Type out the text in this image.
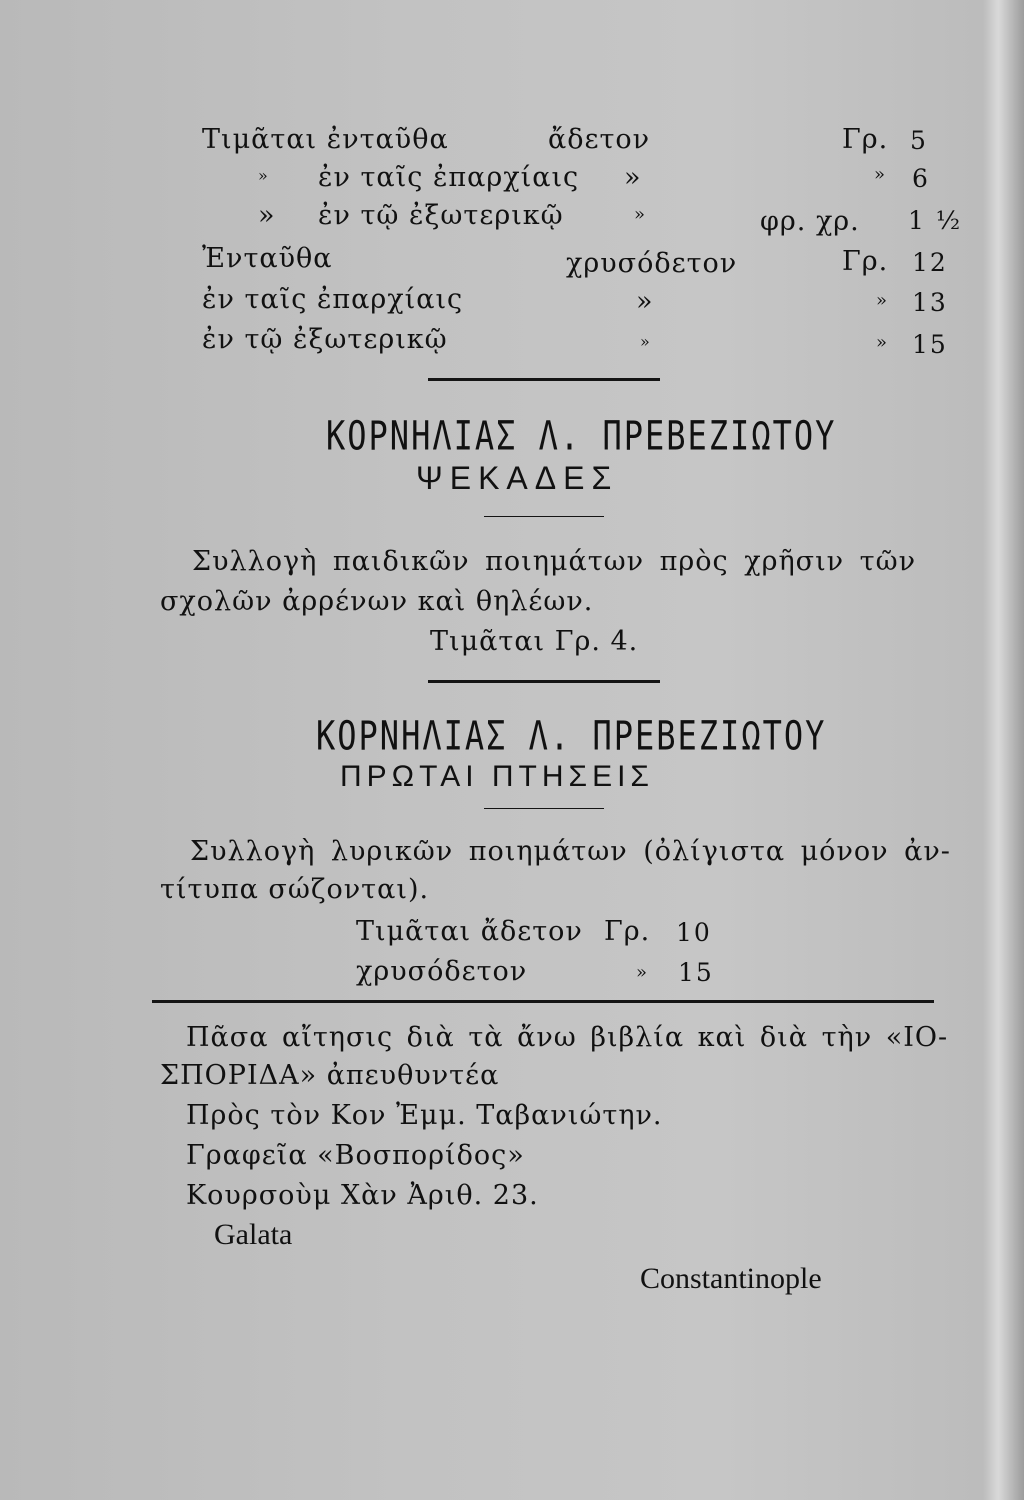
Τιμᾶται ἐνταῦθα	ἄδετον	Γρ. 5
» ἐν ταῖς ἐπαρχίαις »	» 6
» ἐν τῷ ἐξωτερικῷ	»	φρ. χρ. 1 ½
Ἐνταῦθα	χρυσόδετον	Γρ. 12
ἐν ταῖς ἐπαρχίαις	»	» 13
ἐν τῷ ἐξωτερικῷ	»	» 15
ΚΟΡΝΗΛΙΑΣ Λ. ΠΡΕΒΕΖΙΩΤΟΥ
ΨΕΚΑΔΕΣ
Συλλογὴ παιδικῶν ποιημάτων πρὸς χρῆσιν τῶν
σχολῶν ἀρρένων καὶ θηλέων.
Τιμᾶται Γρ. 4.
ΚΟΡΝΗΛΙΑΣ Λ. ΠΡΕΒΕΖΙΩΤΟΥ
ΠΡΩΤΑΙ ΠΤΗΣΕΙΣ
Συλλογὴ λυρικῶν ποιημάτων (ὀλίγιστα μόνον ἀν-
τίτυπα σώζονται).
Τιμᾶται ἄδετον Γρ. 10
χρυσόδετον	» 15
Πᾶσα αἴτησις διὰ τὰ ἄνω βιβλία καὶ διὰ τὴν «ΙΟ-
ΣΠΟΡΙΔΑ» ἀπευθυντέα
Πρὸς τὸν Κον Ἐμμ. Ταβανιώτην.
Γραφεῖα «Βοσπορίδος»
Κουρσοὺμ Χὰν Ἀριθ. 23.
Galata
Constantinople
